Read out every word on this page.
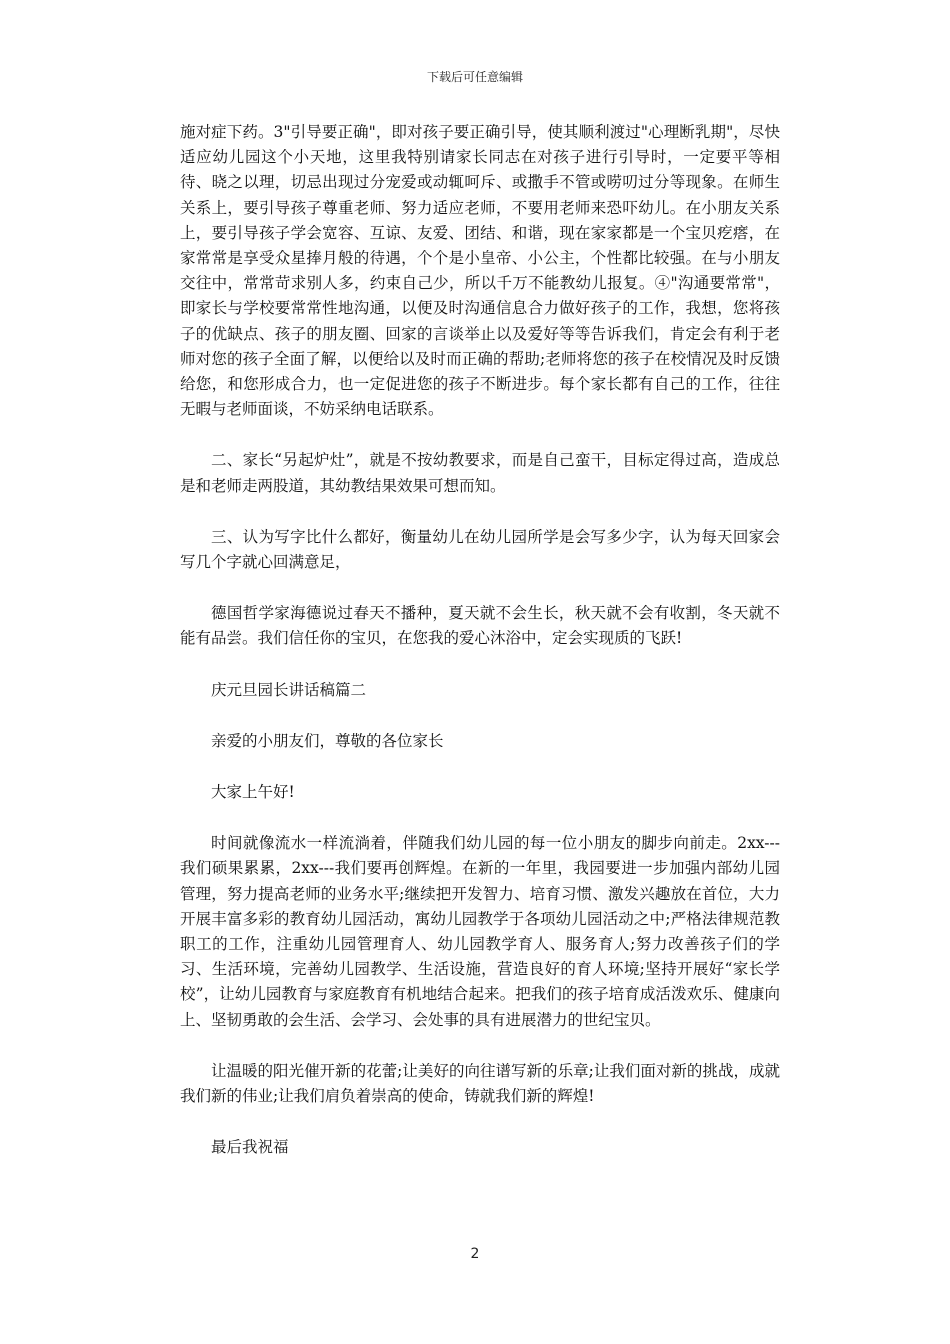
下载后可任意编辑

施对症下药。3"引导要正确"，即对孩子要正确引导，使其顺利渡过"心理断乳期"，尽快适应幼儿园这个小天地，这里我特别请家长同志在对孩子进行引导时，一定要平等相待、晓之以理，切忌出现过分宠爱或动辄呵斥、或撒手不管或唠叨过分等现象。在师生关系上，要引导孩子尊重老师、努力适应老师，不要用老师来恐吓幼儿。在小朋友关系上，要引导孩子学会宽容、互谅、友爱、团结、和谐，现在家家都是一个宝贝疙瘩，在家常常是享受众星捧月般的待遇，个个是小皇帝、小公主，个性都比较强。在与小朋友交往中，常常苛求别人多，约束自己少，所以千万不能教幼儿报复。④"沟通要常常"，即家长与学校要常常性地沟通，以便及时沟通信息合力做好孩子的工作，我想，您将孩子的优缺点、孩子的朋友圈、回家的言谈举止以及爱好等等告诉我们，肯定会有利于老师对您的孩子全面了解，以便给以及时而正确的帮助;老师将您的孩子在校情况及时反馈给您，和您形成合力，也一定促进您的孩子不断进步。每个家长都有自己的工作，往往无暇与老师面谈，不妨采纳电话联系。

二、家长“另起炉灶”，就是不按幼教要求，而是自己蛮干，目标定得过高，造成总是和老师走两股道，其幼教结果效果可想而知。

三、认为写字比什么都好，衡量幼儿在幼儿园所学是会写多少字，认为每天回家会写几个字就心回满意足，

德国哲学家海德说过春天不播种，夏天就不会生长，秋天就不会有收割，冬天就不能有品尝。我们信任你的宝贝，在您我的爱心沐浴中，定会实现质的飞跃!

庆元旦园长讲话稿篇二

亲爱的小朋友们，尊敬的各位家长

大家上午好!

时间就像流水一样流淌着，伴随我们幼儿园的每一位小朋友的脚步向前走。2xx---我们硕果累累，2xx---我们要再创辉煌。在新的一年里，我园要进一步加强内部幼儿园管理，努力提高老师的业务水平;继续把开发智力、培育习惯、激发兴趣放在首位，大力开展丰富多彩的教育幼儿园活动，寓幼儿园教学于各项幼儿园活动之中;严格法律规范教职工的工作，注重幼儿园管理育人、幼儿园教学育人、服务育人;努力改善孩子们的学习、生活环境，完善幼儿园教学、生活设施，营造良好的育人环境;坚持开展好“家长学校”，让幼儿园教育与家庭教育有机地结合起来。把我们的孩子培育成活泼欢乐、健康向上、坚韧勇敢的会生活、会学习、会处事的具有进展潜力的世纪宝贝。

让温暖的阳光催开新的花蕾;让美好的向往谱写新的乐章;让我们面对新的挑战，成就我们新的伟业;让我们肩负着崇高的使命，铸就我们新的辉煌!

最后我祝福

2
